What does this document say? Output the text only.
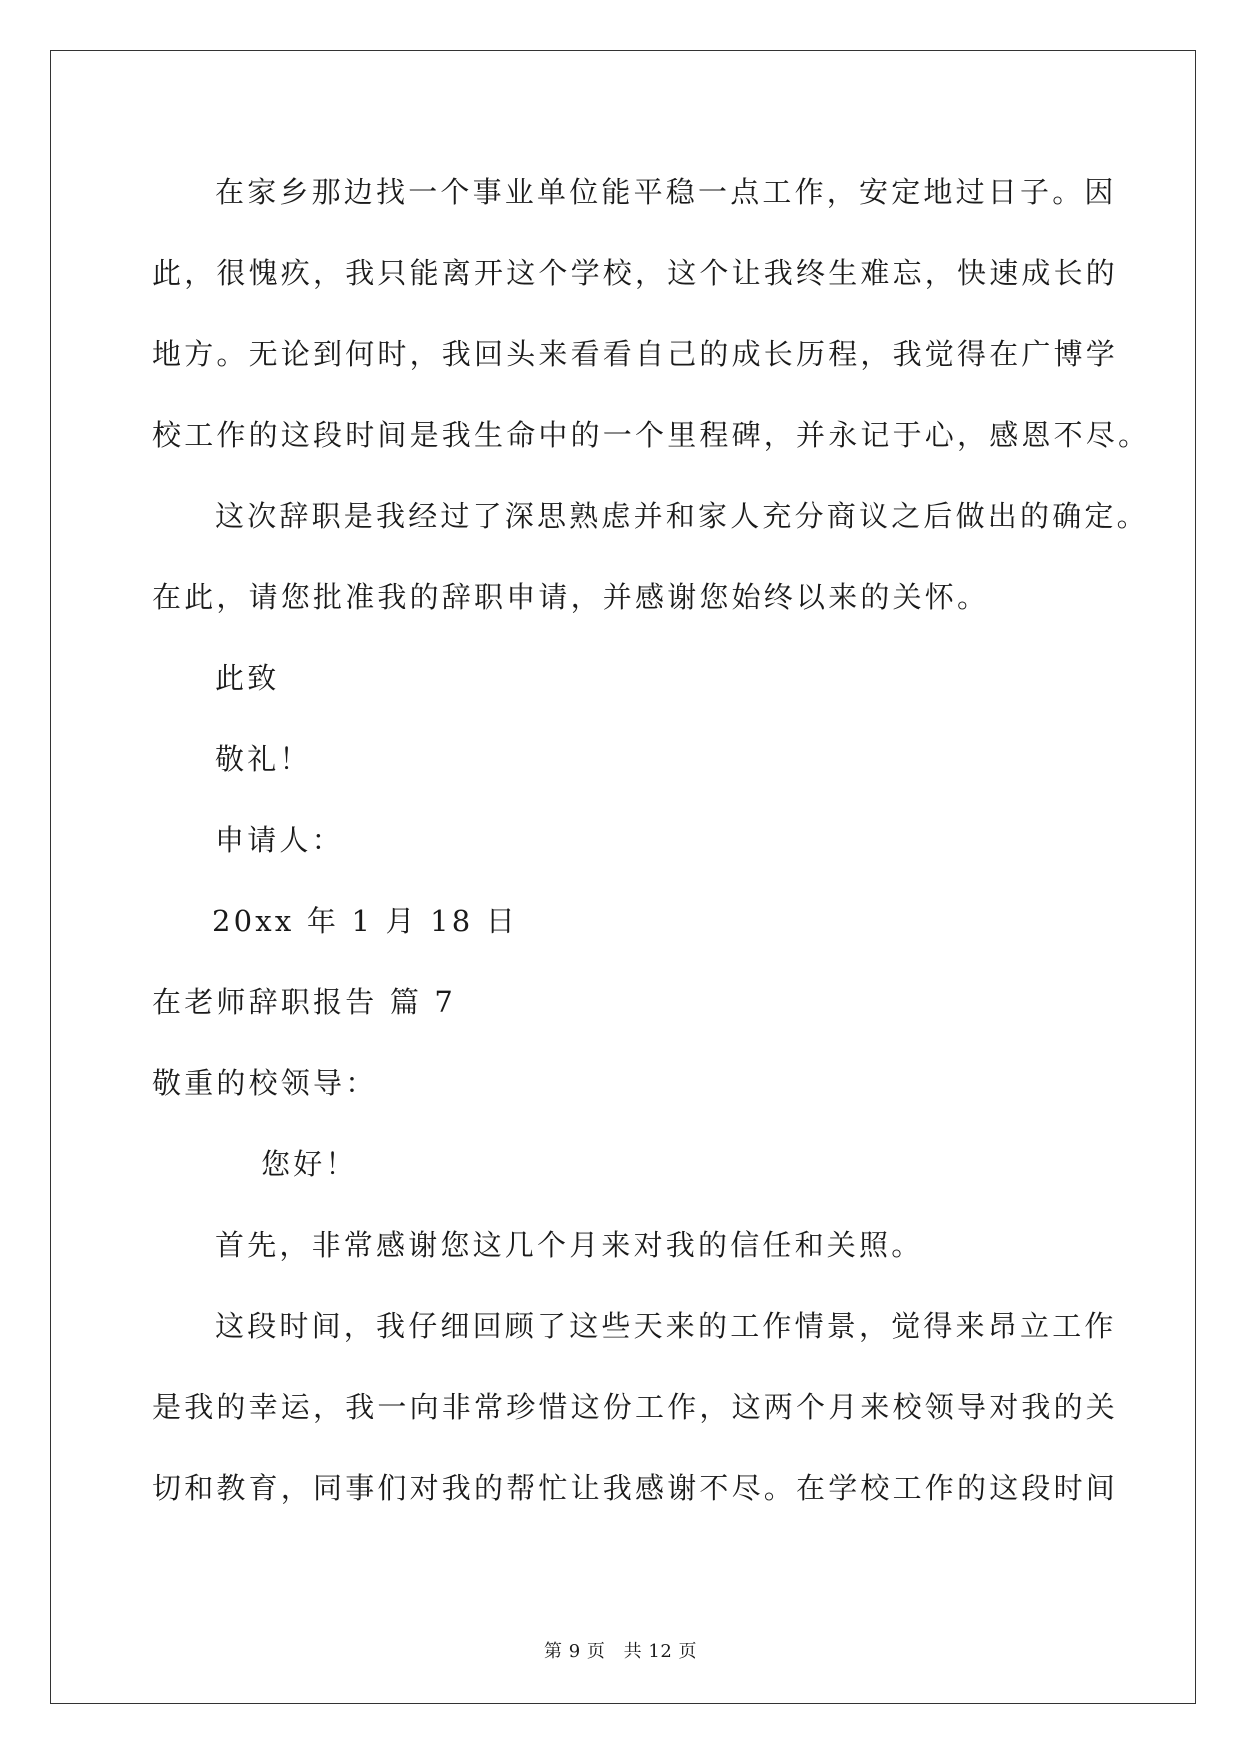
在家乡那边找一个事业单位能平稳一点工作，安定地过日子。因
此，很愧疚，我只能离开这个学校，这个让我终生难忘，快速成长的
地方。无论到何时，我回头来看看自己的成长历程，我觉得在广博学
校工作的这段时间是我生命中的一个里程碑，并永记于心，感恩不尽。
这次辞职是我经过了深思熟虑并和家人充分商议之后做出的确定。
在此，请您批准我的辞职申请，并感谢您始终以来的关怀。
此致
敬礼！
申请人：
20xx 年 1 月 18 日
在老师辞职报告 篇 7
敬重的校领导：
您好！
首先，非常感谢您这几个月来对我的信任和关照。
这段时间，我仔细回顾了这些天来的工作情景，觉得来昂立工作
是我的幸运，我一向非常珍惜这份工作，这两个月来校领导对我的关
切和教育，同事们对我的帮忙让我感谢不尽。在学校工作的这段时间
第 9 页 共 12 页
